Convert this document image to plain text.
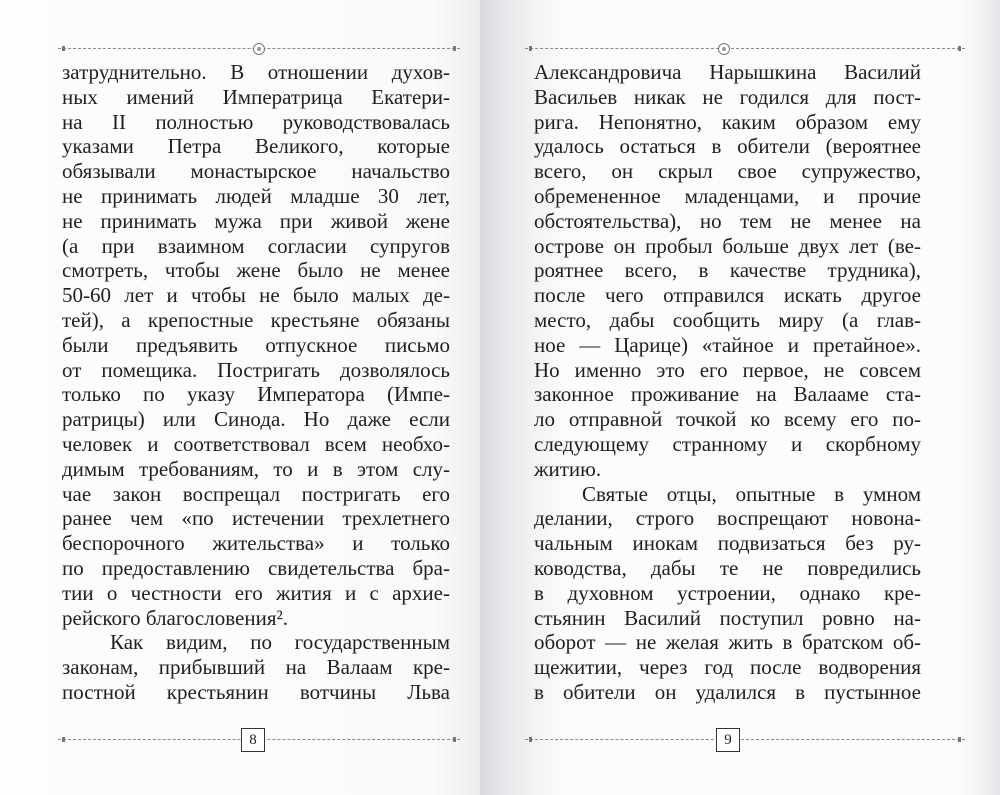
затруднительно. В отношении духов-
ных имений Императрица Екатери-
на II полностью руководствовалась
указами Петра Великого, которые
обязывали монастырское начальство
не принимать людей младше 30 лет,
не принимать мужа при живой жене
(а при взаимном согласии супругов
смотреть, чтобы жене было не менее
50-60 лет и чтобы не было малых де-
тей), а крепостные крестьяне обязаны
были предъявить отпускное письмо
от помещика. Постригать дозволялось
только по указу Императора (Импе-
ратрицы) или Синода. Но даже если
человек и соответствовал всем необхо-
димым требованиям, то и в этом слу-
чае закон воспрещал постригать его
ранее чем «по истечении трехлетнего
беспорочного жительства» и только
по предоставлению свидетельства бра-
тии о честности его жития и с архие-
рейского благословения².
Как видим, по государственным
законам, прибывший на Валаам кре-
постной крестьянин вотчины Льва
8
Александровича Нарышкина Василий
Васильев никак не годился для пост-
рига. Непонятно, каким образом ему
удалось остаться в обители (вероятнее
всего, он скрыл свое супружество,
обремененное младенцами, и прочие
обстоятельства), но тем не менее на
острове он пробыл больше двух лет (ве-
роятнее всего, в качестве трудника),
после чего отправился искать другое
место, дабы сообщить миру (а глав-
ное — Царице) «тайное и претайное».
Но именно это его первое, не совсем
законное проживание на Валааме ста-
ло отправной точкой ко всему его по-
следующему странному и скорбному
житию.
Святые отцы, опытные в умном
делании, строго воспрещают новона-
чальным инокам подвизаться без ру-
ководства, дабы те не повредились
в духовном устроении, однако кре-
стьянин Василий поступил ровно на-
оборот — не желая жить в братском об-
щежитии, через год после водворения
в обители он удалился в пустынное
9
